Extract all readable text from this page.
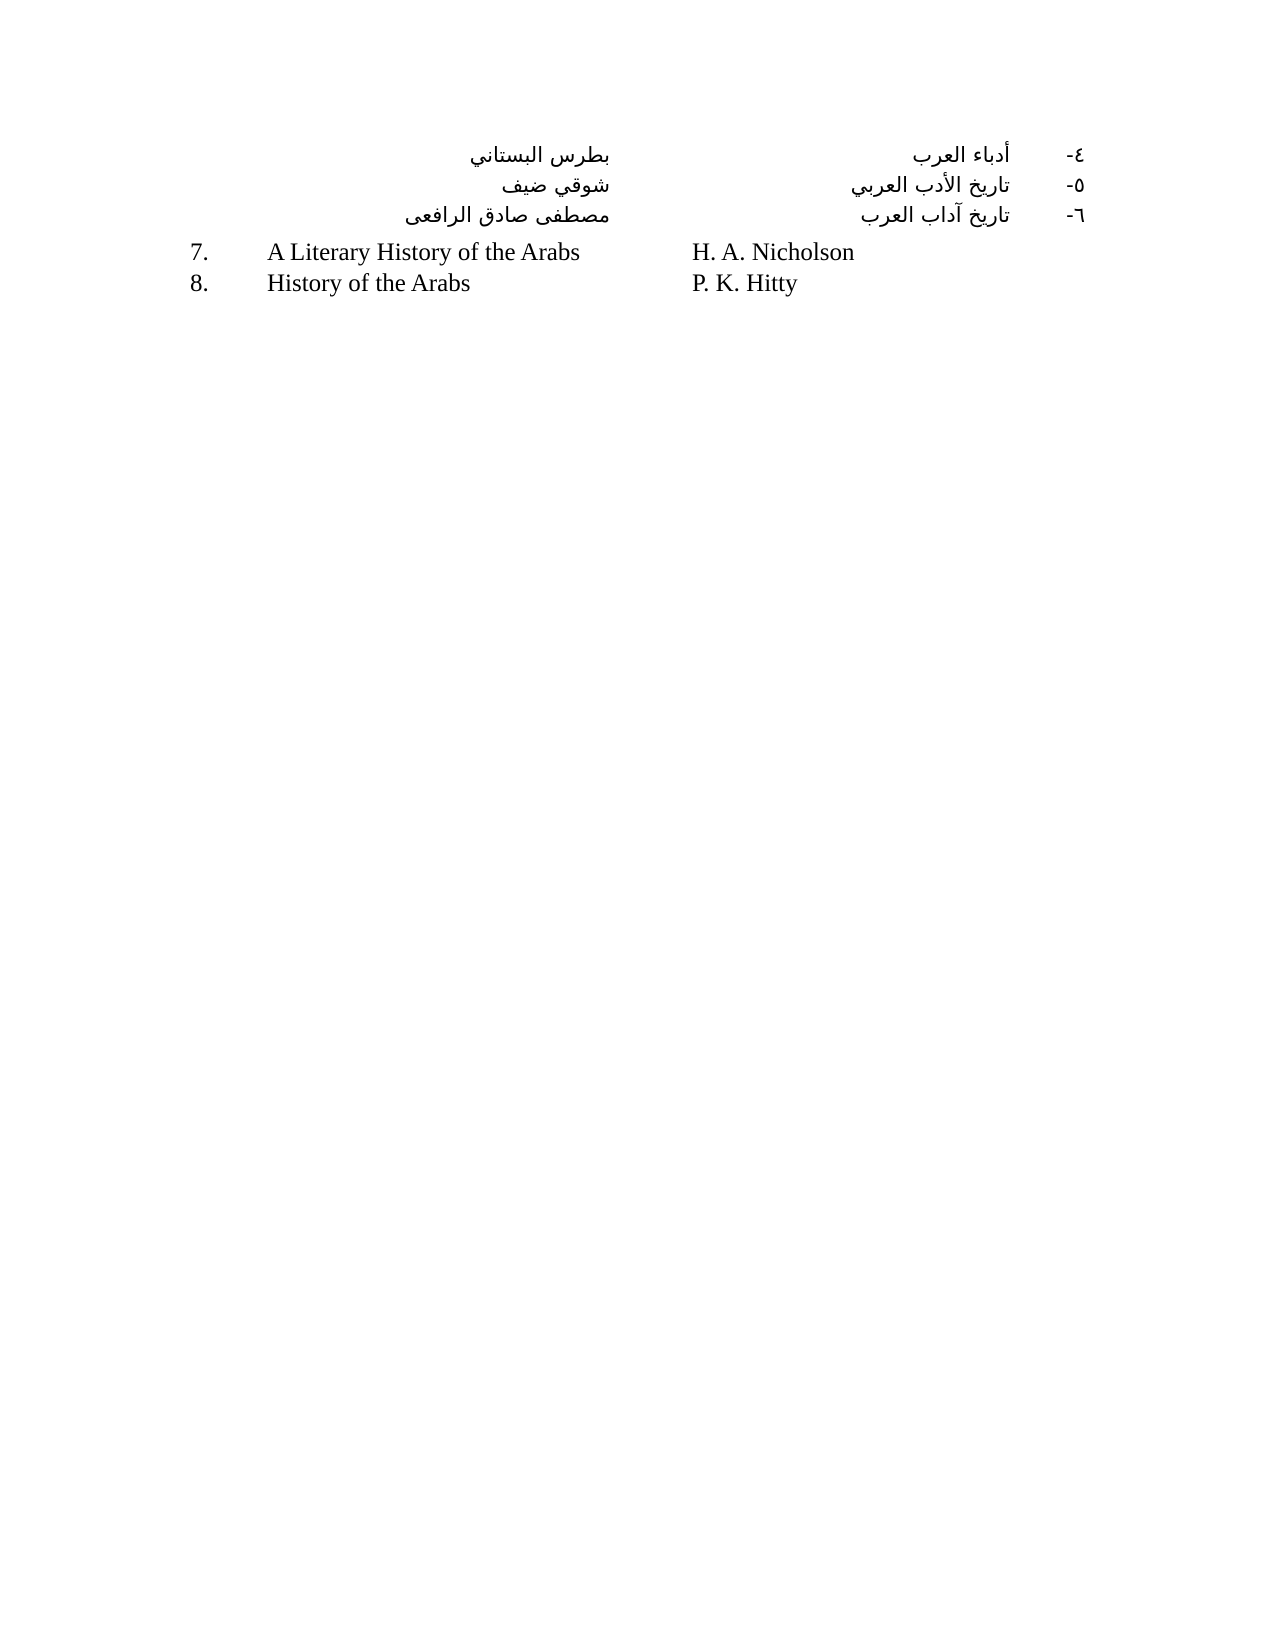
٤-
أدباء العرب
بطرس البستاني
٥-
تاريخ الأدب العربي
شوقي ضيف
٦-
تاريخ آداب العرب
مصطفى صادق الرافعى
7. A Literary History of the Arabs	H. A. Nicholson
8. History of the Arabs	P. K. Hitty
